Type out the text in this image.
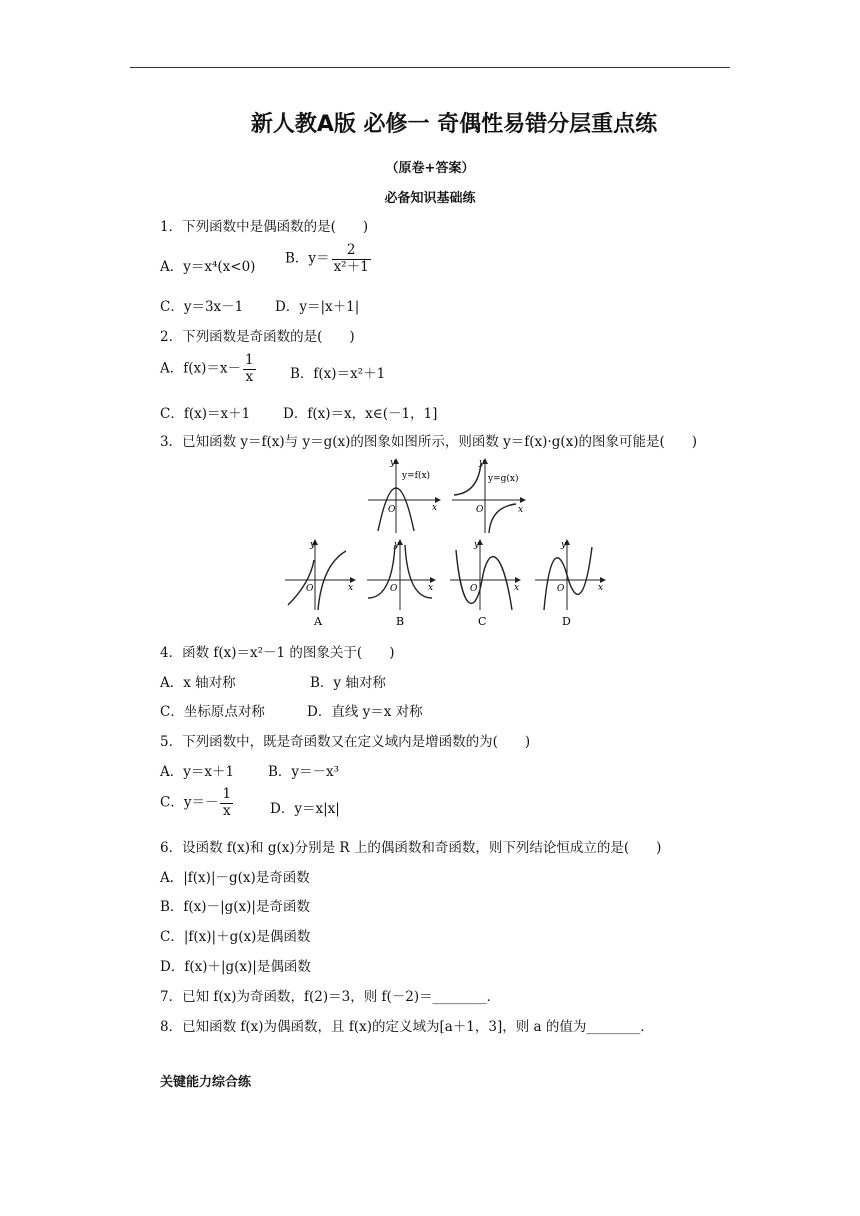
新人教A版 必修一 奇偶性易错分层重点练
（原卷+答案）
必备知识基础练
1．下列函数中是偶函数的是(　　)
A．y＝x⁴(x<0)
B．$y= \frac{2}{\text{x²＋1}}$
C．y＝3x－1 D．y＝|x＋1|
2．下列函数是奇函数的是(　　)
A．$f(x)=x- \frac{1}{x}$	B．f(x)＝x²＋1
C．f(x)＝x＋1 D．f(x)＝x，x∈(－1，1]
3．已知函数 y＝f(x)与 y＝g(x)的图象如图所示，则函数 y＝f(x)·g(x)的图象可能是(　　)
y=f(x)
y
x
O
y=g(x)
y
x
O
y
x
O
A
y
x
O
B
y
x
O
C
y
x
O
D
4．函数 f(x)＝x²－1 的图象关于(　　)
A．x 轴对称	B．y 轴对称
C．坐标原点对称	D．直线 y＝x 对称
5．下列函数中，既是奇函数又在定义域内是增函数的为(　　)
A．y＝x＋1	B．y＝－x³
C．$y=- \frac{1}{x}$	D．y＝x|x|
6．设函数 f(x)和 g(x)分别是 R 上的偶函数和奇函数，则下列结论恒成立的是(　　)
A．|f(x)|－g(x)是奇函数
B．f(x)－|g(x)|是奇函数
C．|f(x)|＋g(x)是偶函数
D．f(x)＋|g(x)|是偶函数
7．已知 f(x)为奇函数，f(2)＝3，则 f(－2)＝________．
8．已知函数 f(x)为偶函数，且 f(x)的定义域为[a＋1，3]，则 a 的值为________．
关键能力综合练
